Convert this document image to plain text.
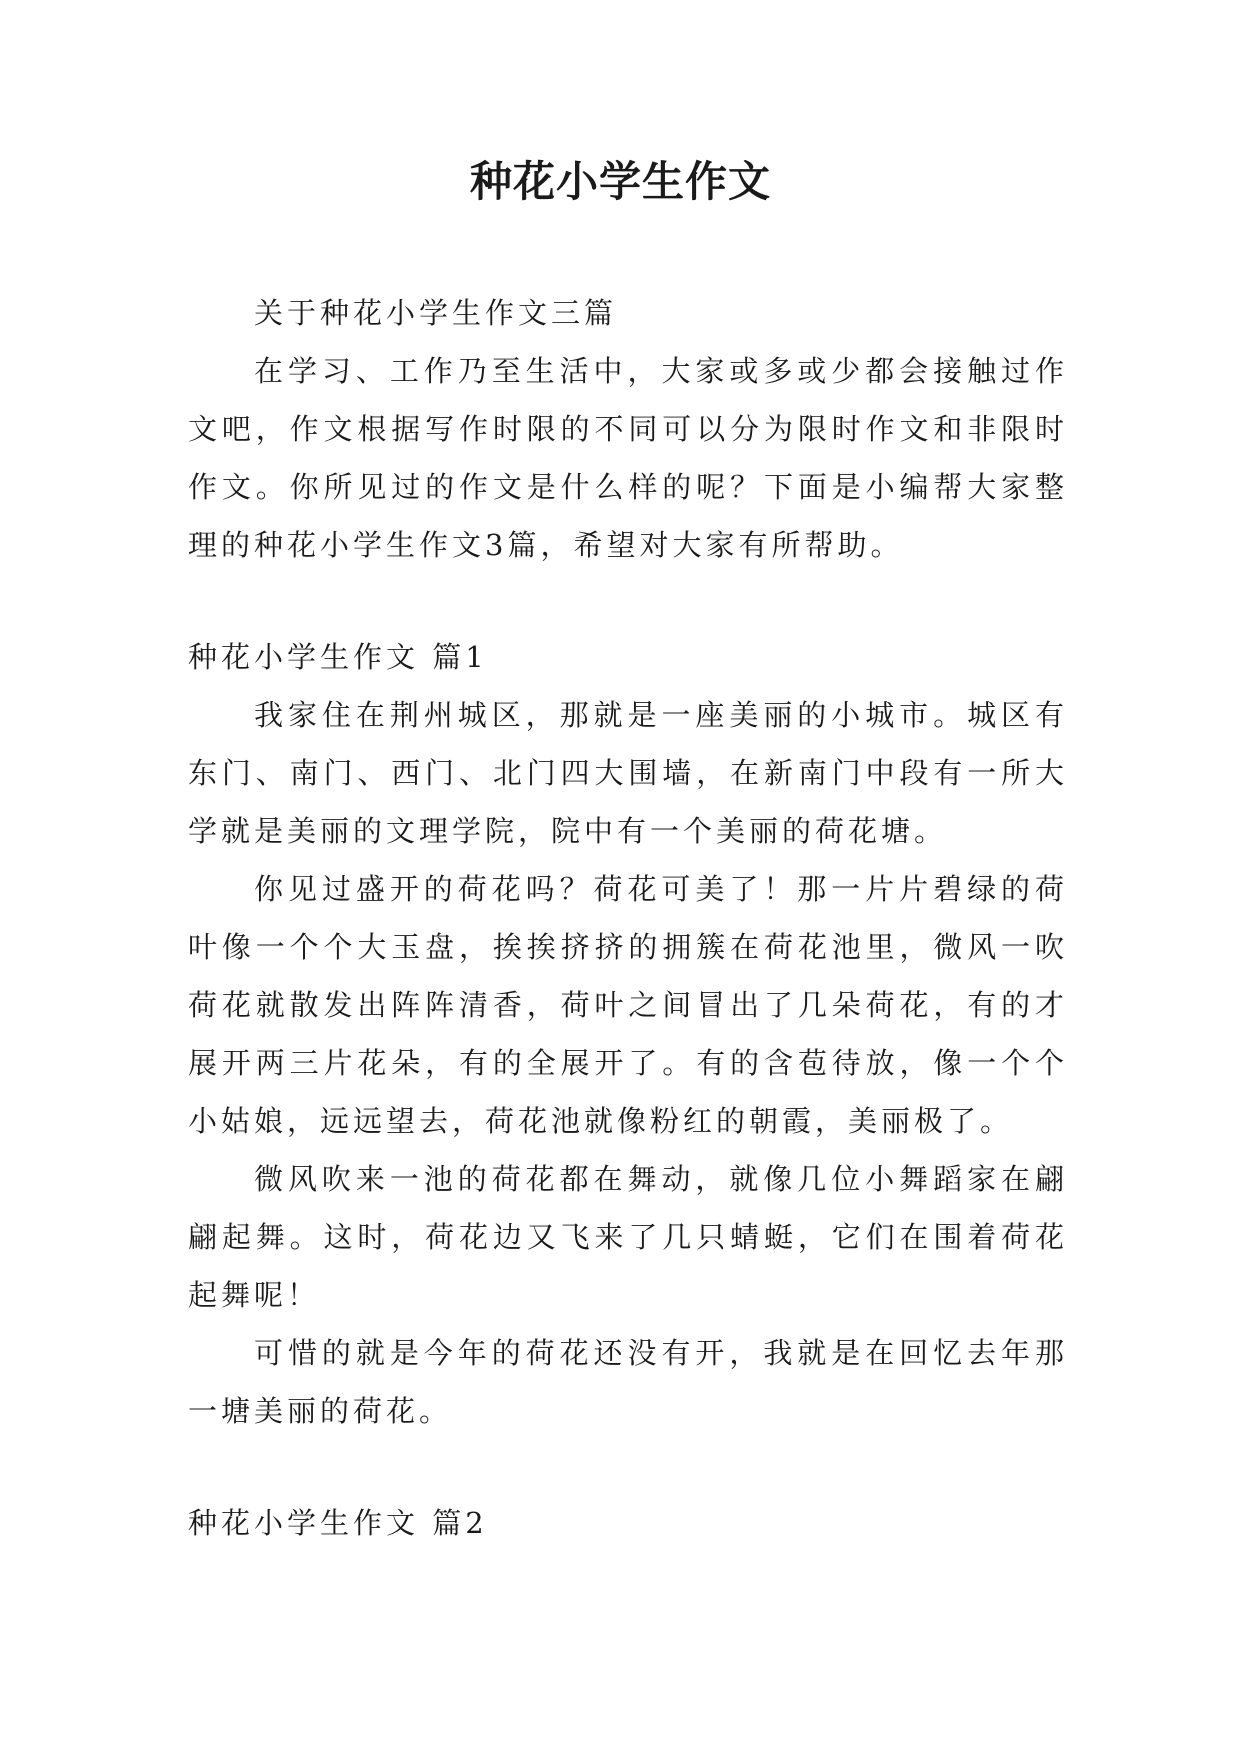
种花小学生作文

关于种花小学生作文三篇

在学习、工作乃至生活中，大家或多或少都会接触过作文吧，作文根据写作时限的不同可以分为限时作文和非限时作文。你所见过的作文是什么样的呢？下面是小编帮大家整理的种花小学生作文3篇，希望对大家有所帮助。

种花小学生作文 篇1

我家住在荆州城区，那就是一座美丽的小城市。城区有东门、南门、西门、北门四大围墙，在新南门中段有一所大学就是美丽的文理学院，院中有一个美丽的荷花塘。

你见过盛开的荷花吗？荷花可美了！那一片片碧绿的荷叶像一个个大玉盘，挨挨挤挤的拥簇在荷花池里，微风一吹荷花就散发出阵阵清香，荷叶之间冒出了几朵荷花，有的才展开两三片花朵，有的全展开了。有的含苞待放，像一个个小姑娘，远远望去，荷花池就像粉红的朝霞，美丽极了。

微风吹来一池的荷花都在舞动，就像几位小舞蹈家在翩翩起舞。这时，荷花边又飞来了几只蜻蜓，它们在围着荷花起舞呢！

可惜的就是今年的荷花还没有开，我就是在回忆去年那一塘美丽的荷花。

种花小学生作文 篇2
